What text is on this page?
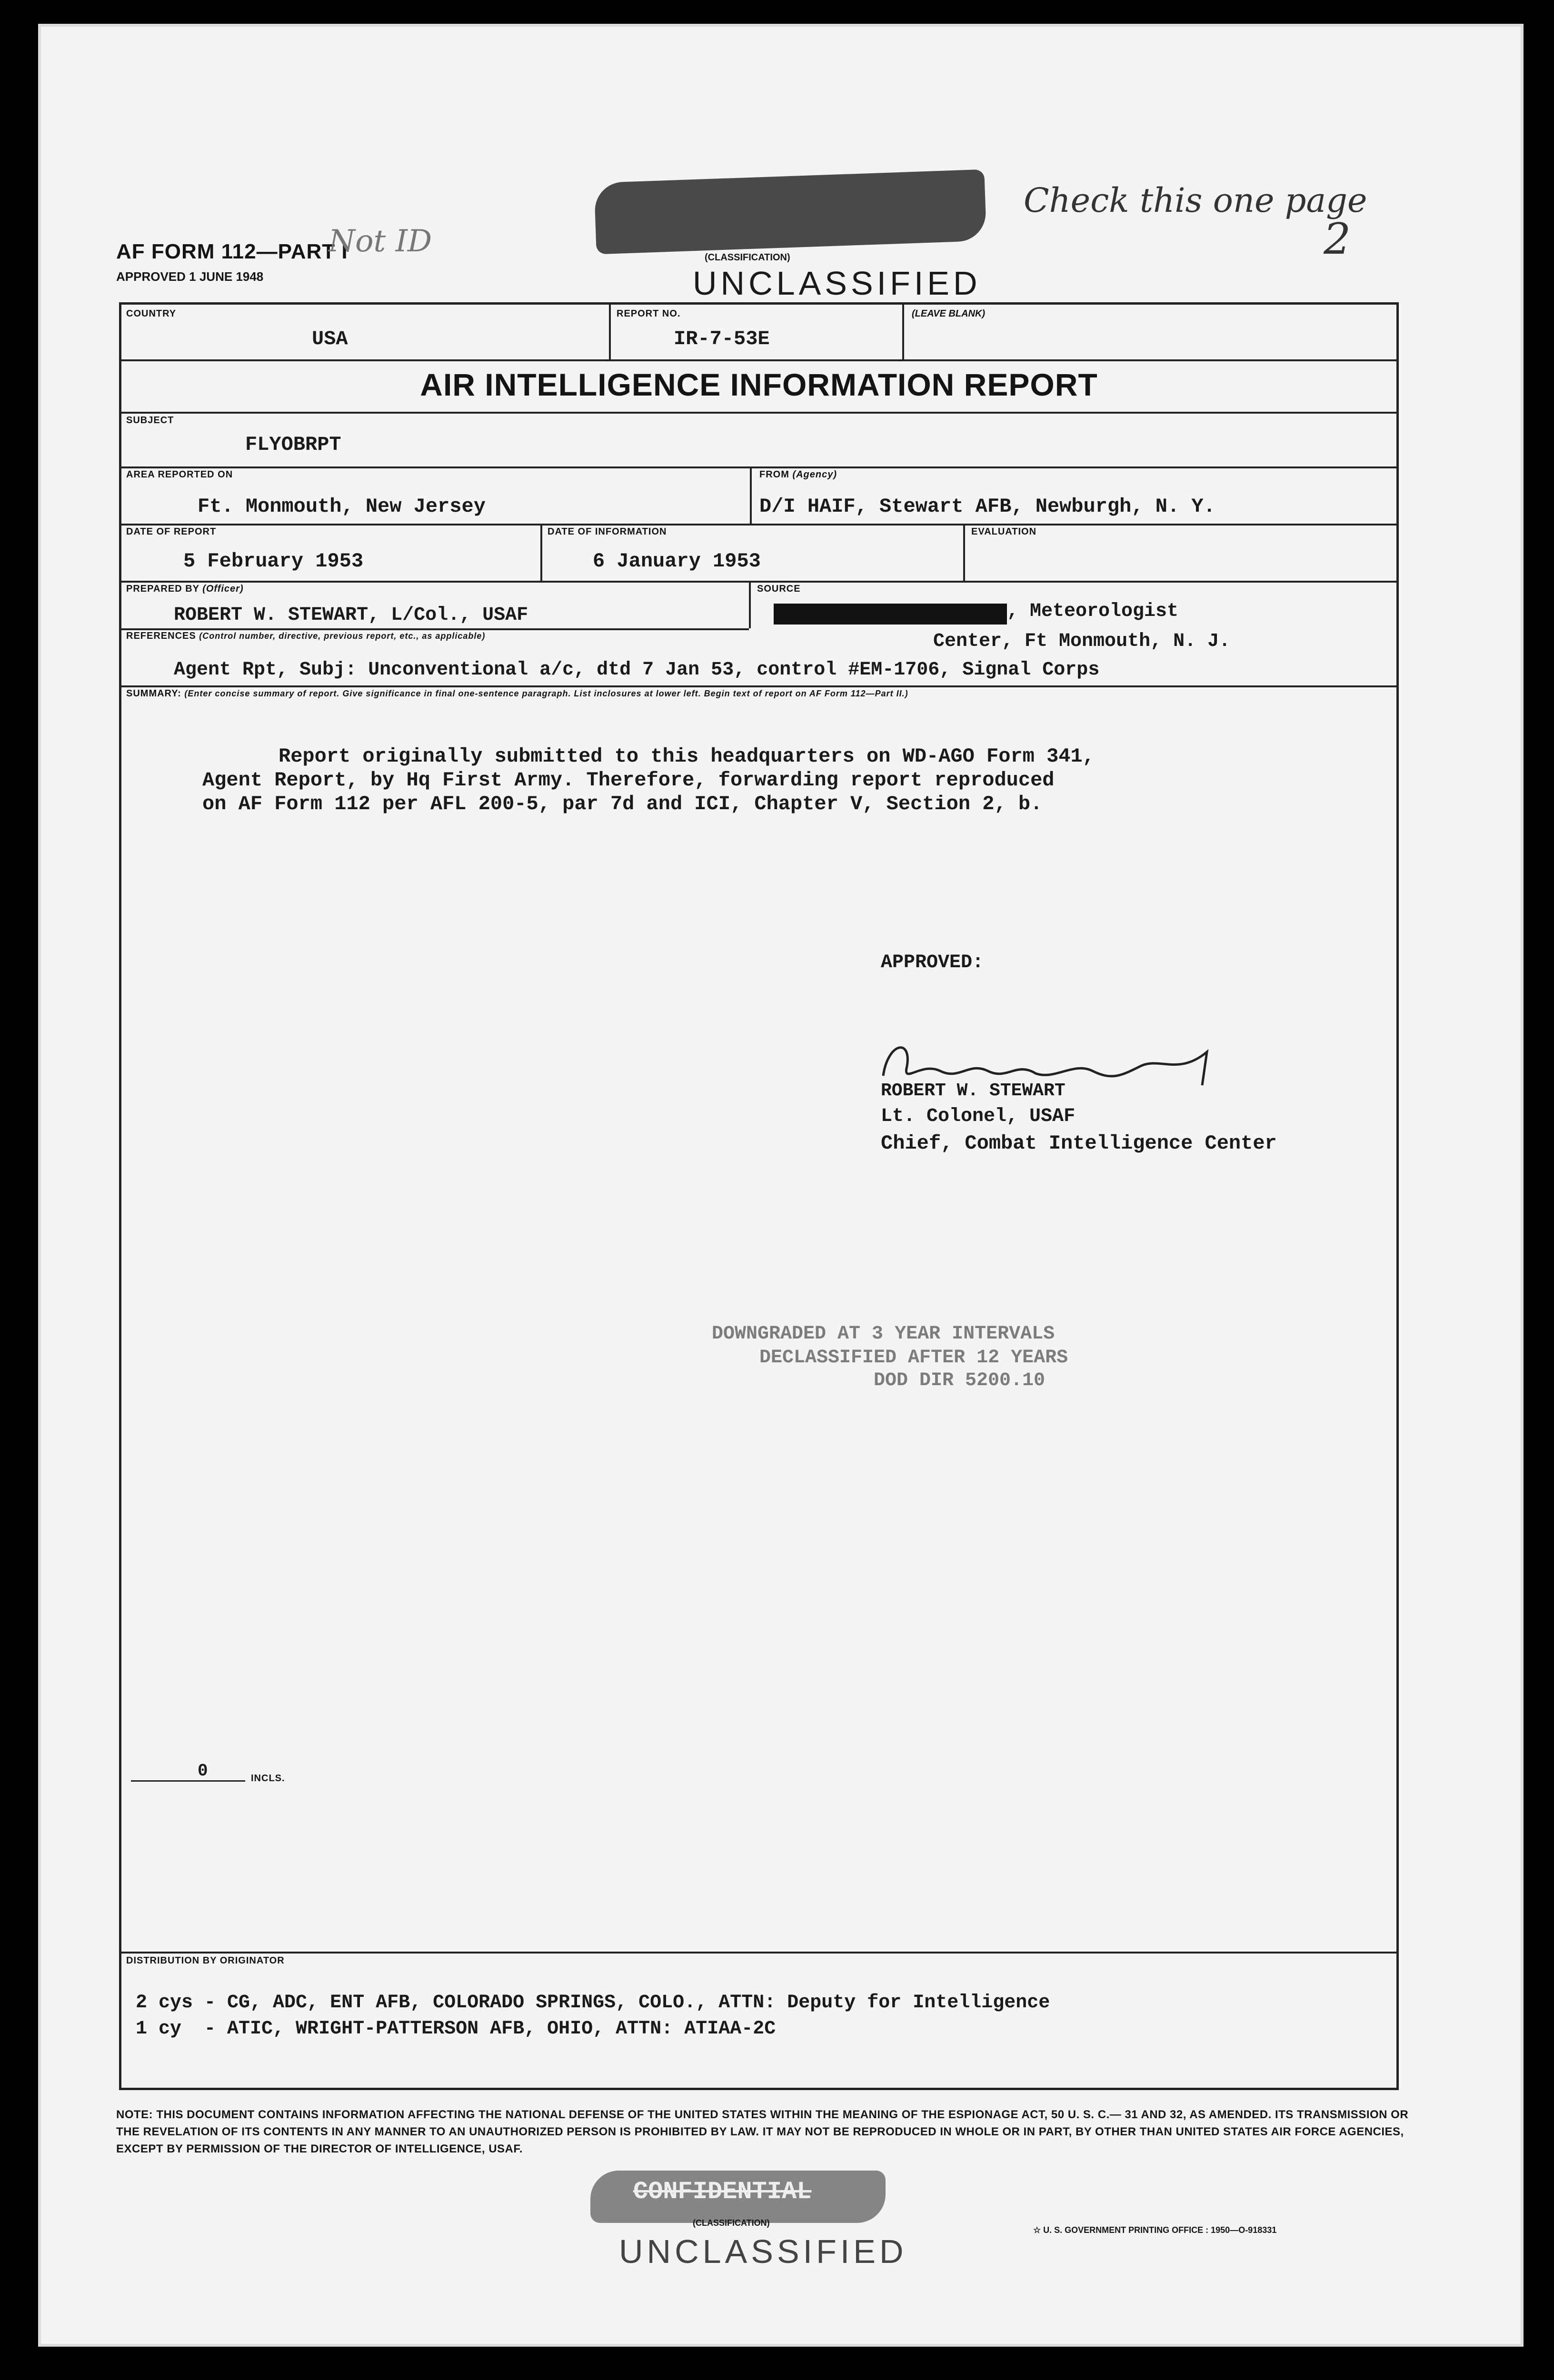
AF FORM 112—PART I
APPROVED 1 JUNE 1948
Not ID
Check this one page
2
(CLASSIFICATION)
UNCLASSIFIED
COUNTRY
USA
REPORT NO.
IR-7-53E
(LEAVE BLANK)
AIR INTELLIGENCE INFORMATION REPORT
SUBJECT
FLYOBRPT
AREA REPORTED ON
Ft. Monmouth, New Jersey
FROM (Agency)
D/I HAIF, Stewart AFB, Newburgh, N. Y.
DATE OF REPORT
5 February 1953
DATE OF INFORMATION
6 January 1953
EVALUATION
PREPARED BY (Officer)
ROBERT W. STEWART, L/Col., USAF
SOURCE
, Meteorologist
REFERENCES (Control number, directive, previous report, etc., as applicable)	Center, Ft Monmouth, N. J.
Agent Rpt, Subj: Unconventional a/c, dtd 7 Jan 53, control #EM-1706, Signal Corps
SUMMARY: (Enter concise summary of report. Give significance in final one-sentence paragraph. List inclosures at lower left. Begin text of report on AF Form 112—Part II.)
Report originally submitted to this headquarters on WD-AGO Form 341,
Agent Report, by Hq First Army. Therefore, forwarding report reproduced
on AF Form 112 per AFL 200-5, par 7d and ICI, Chapter V, Section 2, b.
APPROVED:
ROBERT W. STEWART
Lt. Colonel, USAF
Chief, Combat Intelligence Center
DOWNGRADED AT 3 YEAR INTERVALS
DECLASSIFIED AFTER 12 YEARS
DOD DIR 5200.10
0	INCLS.
DISTRIBUTION BY ORIGINATOR
2 cys - CG, ADC, ENT AFB, COLORADO SPRINGS, COLO., ATTN: Deputy for Intelligence
1 cy  - ATIC, WRIGHT-PATTERSON AFB, OHIO, ATTN: ATIAA-2C
NOTE: THIS DOCUMENT CONTAINS INFORMATION AFFECTING THE NATIONAL DEFENSE OF THE UNITED STATES WITHIN THE MEANING OF THE ESPIONAGE ACT, 50 U. S. C.— 31 AND 32, AS AMENDED. ITS TRANSMISSION OR THE REVELATION OF ITS CONTENTS IN ANY MANNER TO AN UNAUTHORIZED PERSON IS PROHIBITED BY LAW. IT MAY NOT BE REPRODUCED IN WHOLE OR IN PART, BY OTHER THAN UNITED STATES AIR FORCE AGENCIES, EXCEPT BY PERMISSION OF THE DIRECTOR OF INTELLIGENCE, USAF.
CONFIDENTIAL
(CLASSIFICATION)
UNCLASSIFIED
☆ U. S. GOVERNMENT PRINTING OFFICE : 1950—O-918331
